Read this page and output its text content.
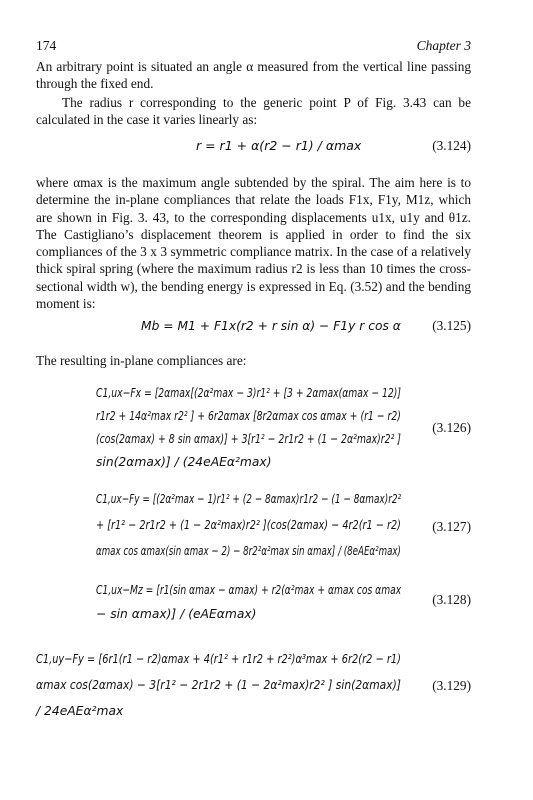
174	Chapter 3
An arbitrary point is situated an angle α measured from the vertical line passing through the fixed end.
The radius r corresponding to the generic point P of Fig. 3.43 can be calculated in the case it varies linearly as:
r = r1 + α(r2 − r1) / αmax	(3.124)
where αmax is the maximum angle subtended by the spiral. The aim here is to determine the in-plane compliances that relate the loads F1x, F1y, M1z, which are shown in Fig. 3. 43, to the corresponding displacements u1x, u1y and θ1z. The Castigliano’s displacement theorem is applied in order to find the six compliances of the 3 x 3 symmetric compliance matrix. In the case of a relatively thick spiral spring (where the maximum radius r2 is less than 10 times the cross-sectional width w), the bending energy is expressed in Eq. (3.52) and the bending moment is:
Mb = M1 + F1x(r2 + r sin α) − F1y r cos α (3.125)
The resulting in-plane compliances are:
C1,ux−Fx = [2αmax[(2α²max − 3)r1² + [3 + 2αmax(αmax − 12)]
r1r2 + 14α²max r2² ] + 6r2αmax [8r2αmax cos αmax + (r1 − r2)
(cos(2αmax) + 8 sin αmax)] + 3[r1² − 2r1r2 + (1 − 2α²max)r2² ]
sin(2αmax)] / (24eAEα²max)
(3.126)
C1,ux−Fy = [(2α²max − 1)r1² + (2 − 8αmax)r1r2 − (1 − 8αmax)r2²
+ [r1² − 2r1r2 + (1 − 2α²max)r2² ](cos(2αmax) − 4r2(r1 − r2)
αmax cos αmax(sin αmax − 2) − 8r2²α²max sin αmax] / (8eAEα²max)
(3.127)
C1,ux−Mz = [r1(sin αmax − αmax) + r2(α²max + αmax cos αmax
− sin αmax)] / (eAEαmax)
(3.128)
C1,uy−Fy = [6r1(r1 − r2)αmax + 4(r1² + r1r2 + r2²)α³max + 6r2(r2 − r1)
αmax cos(2αmax) − 3[r1² − 2r1r2 + (1 − 2α²max)r2² ] sin(2αmax)]
/ 24eAEα²max
(3.129)
